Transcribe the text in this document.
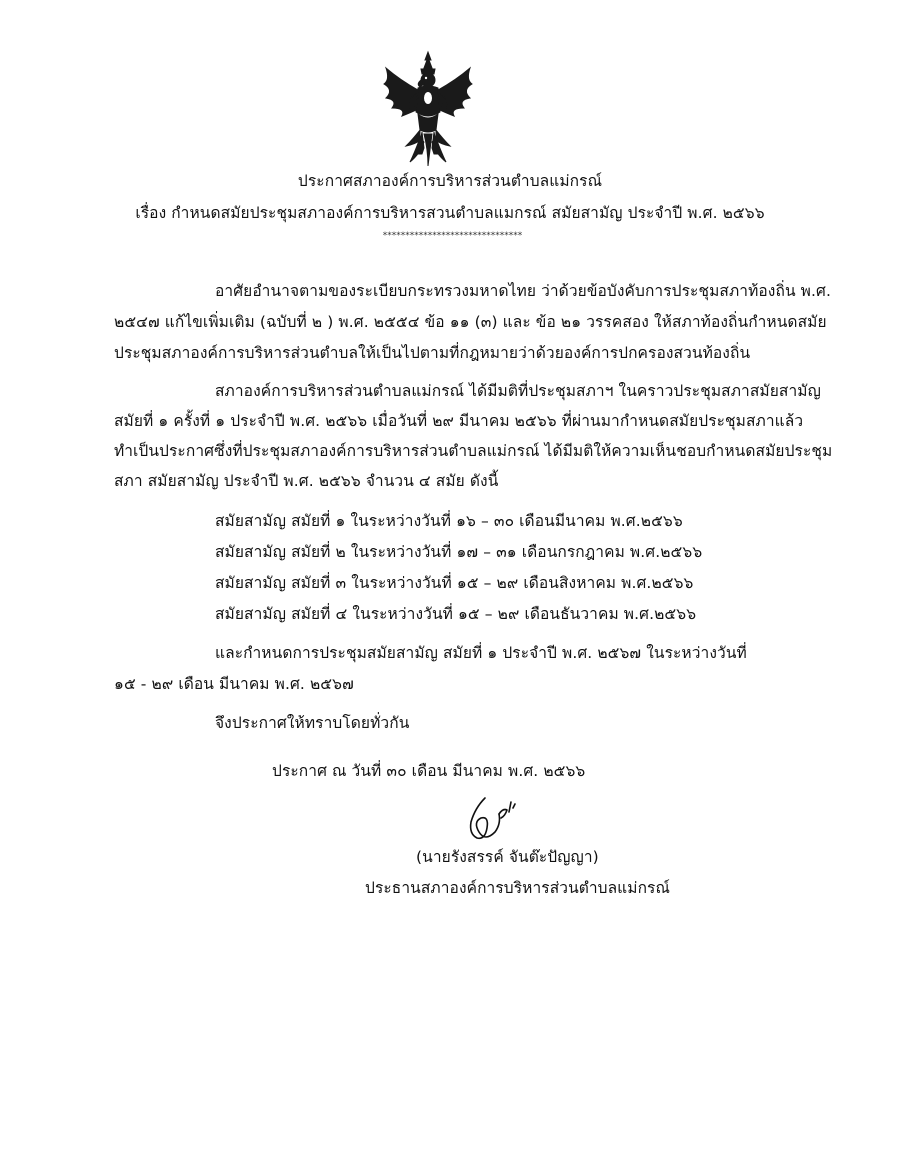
ประกาศสภาองค์การบริหารส่วนตำบลแม่กรณ์
เรื่อง กำหนดสมัยประชุมสภาองค์การบริหารสวนตำบลแมกรณ์ สมัยสามัญ ประจำปี พ.ศ. ๒๕๖๖
*******************************
อาศัยอำนาจตามของระเบียบกระทรวงมหาดไทย ว่าด้วยข้อบังคับการประชุมสภาท้องถิ่น พ.ศ.
๒๕๔๗ แก้ไขเพิ่มเติม (ฉบับที่ ๒ ) พ.ศ. ๒๕๕๔ ข้อ ๑๑ (๓) และ ข้อ ๒๑ วรรคสอง ให้สภาท้องถิ่นกำหนดสมัย
ประชุมสภาองค์การบริหารส่วนตำบลให้เป็นไปตามที่กฎหมายว่าด้วยองค์การปกครองสวนท้องถิ่น
สภาองค์การบริหารส่วนตำบลแม่กรณ์ ได้มีมติที่ประชุมสภาฯ ในคราวประชุมสภาสมัยสามัญ
สมัยที่ ๑ ครั้งที่ ๑ ประจำปี พ.ศ. ๒๕๖๖ เมื่อวันที่ ๒๙ มีนาคม ๒๕๖๖ ที่ผ่านมากำหนดสมัยประชุมสภาแล้ว
ทำเป็นประกาศซึ่งที่ประชุมสภาองค์การบริหารส่วนตำบลแม่กรณ์ ได้มีมติให้ความเห็นชอบกำหนดสมัยประชุม
สภา สมัยสามัญ ประจำปี พ.ศ. ๒๕๖๖ จำนวน ๔ สมัย ดังนี้
สมัยสามัญ สมัยที่ ๑ ในระหว่างวันที่ ๑๖ – ๓๐ เดือนมีนาคม พ.ศ.๒๕๖๖
สมัยสามัญ สมัยที่ ๒ ในระหว่างวันที่ ๑๗ – ๓๑ เดือนกรกฎาคม พ.ศ.๒๕๖๖
สมัยสามัญ สมัยที่ ๓ ในระหว่างวันที่ ๑๕ – ๒๙ เดือนสิงหาคม พ.ศ.๒๕๖๖
สมัยสามัญ สมัยที่ ๔ ในระหว่างวันที่ ๑๕ – ๒๙ เดือนธันวาคม พ.ศ.๒๕๖๖
และกำหนดการประชุมสมัยสามัญ สมัยที่ ๑ ประจำปี พ.ศ. ๒๕๖๗ ในระหว่างวันที่
๑๕ - ๒๙ เดือน มีนาคม พ.ศ. ๒๕๖๗
จึงประกาศให้ทราบโดยทั่วกัน
ประกาศ ณ วันที่ ๓๐ เดือน มีนาคม พ.ศ. ๒๕๖๖
(นายรังสรรค์ จันต๊ะปัญญา)
ประธานสภาองค์การบริหารส่วนตำบลแม่กรณ์
